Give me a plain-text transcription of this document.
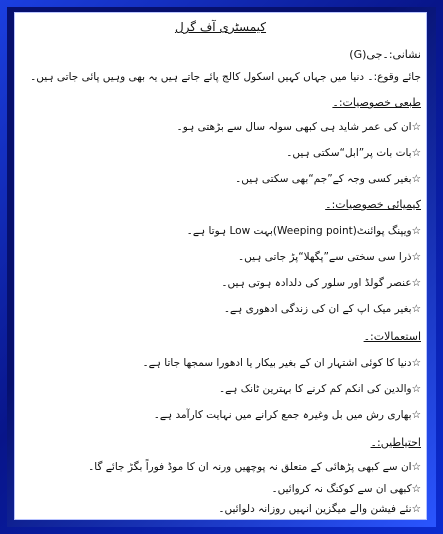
کیمسٹری آف گرل
نشانی:۔جی(G)
جائے وقوع:۔ دنیا میں جہاں کہیں اسکول کالج پائے جاتے ہیں یہ بھی وہیں پائی جاتی ہیں۔
طبعی خصوصیات:۔
☆ان کی عمر شاید ہی کبھی سولہ سال سے بڑھتی ہو۔
☆بات بات پر”ابل“سکتی ہیں۔
☆بغیر کسی وجہ کے”جم“بھی سکتی ہیں۔
کیمیائی خصوصیات:۔
☆ویپنگ پوائنٹ(Weeping point)بہت Low ہوتا ہے۔
☆ذرا سی سختی سے”پگھلا“پڑ جاتی ہیں۔
☆عنصر گولڈ اور سلور کی دلدادہ ہوتی ہیں۔
☆بغیر میک اپ کے ان کی زندگی ادھوری ہے۔
استعمالات:۔
☆دنیا کا کوئی اشتہار ان کے بغیر بیکار یا ادھورا سمجھا جاتا ہے۔
☆والدین کی انکم کم کرنے کا بہترین ٹانک ہے۔
☆بھاری رش میں بل وغیرہ جمع کرانے میں نہایت کارآمد ہے۔
احتیاطیں:۔
☆ان سے کبھی پڑھائی کے متعلق نہ پوچھیں ورنہ ان کا موڈ فوراً بگڑ جائے گا۔
☆کبھی ان سے کوکنگ نہ کروائیں۔
☆نئے فیشن والے میگزین انہیں روزانہ دلوائیں۔
